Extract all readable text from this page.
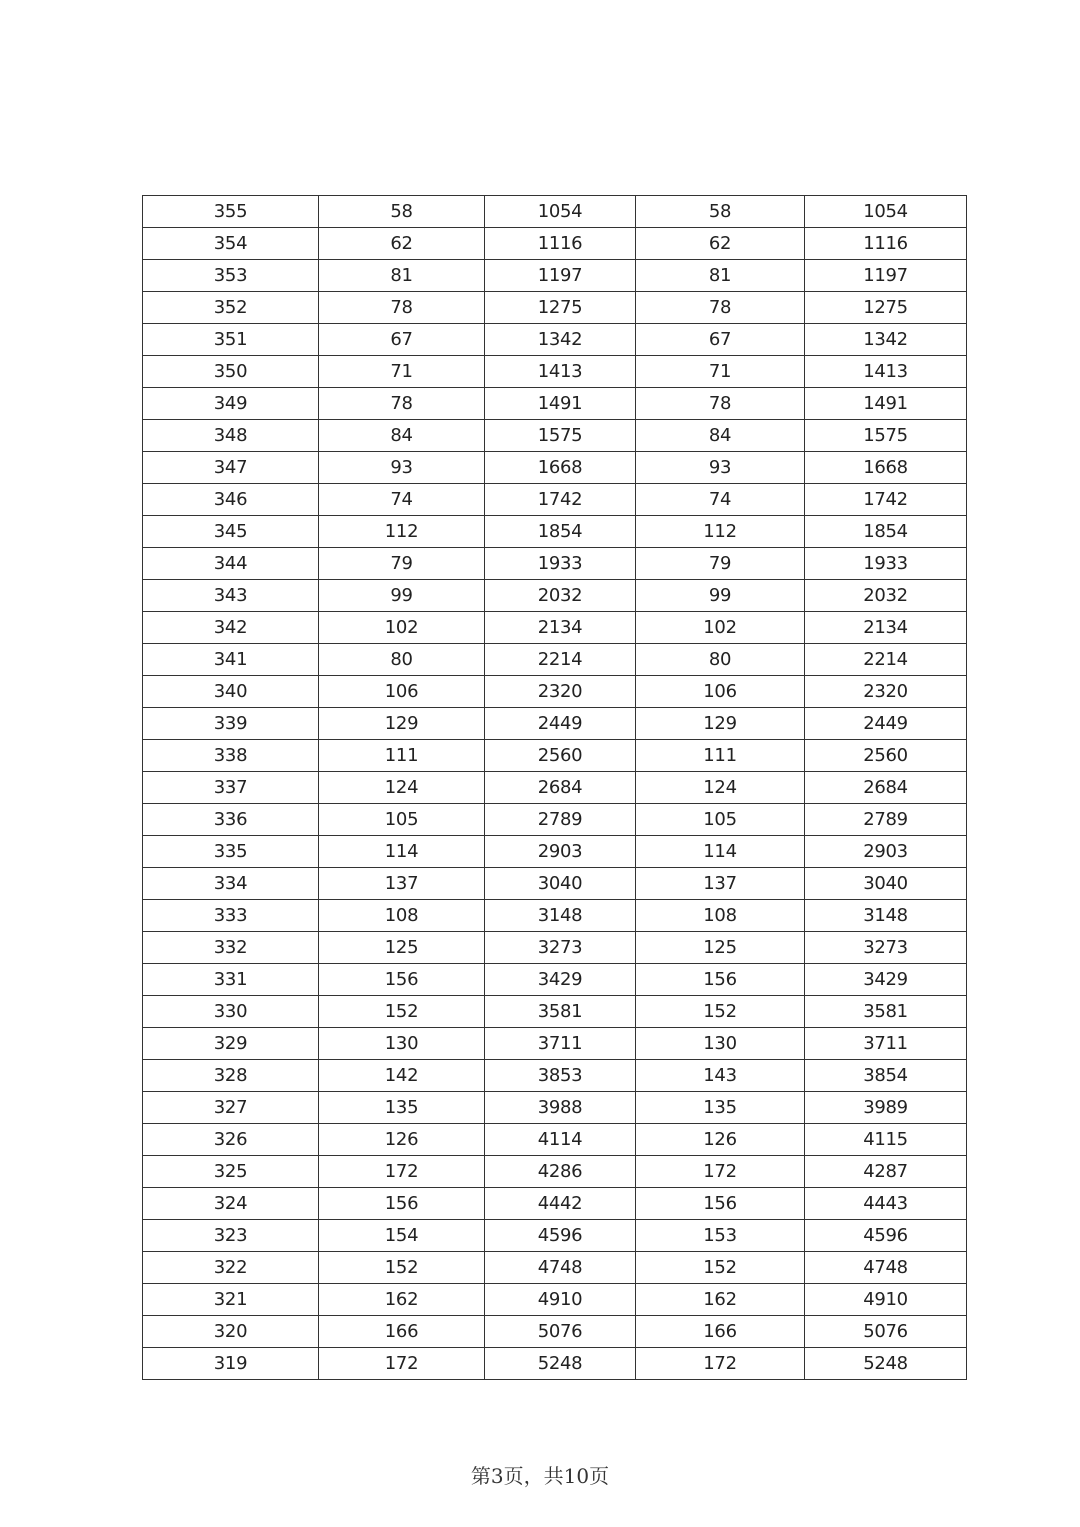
355	58	1054	58	1054
354	62	1116	62	1116
353	81	1197	81	1197
352	78	1275	78	1275
351	67	1342	67	1342
350	71	1413	71	1413
349	78	1491	78	1491
348	84	1575	84	1575
347	93	1668	93	1668
346	74	1742	74	1742
345	112	1854	112	1854
344	79	1933	79	1933
343	99	2032	99	2032
342	102	2134	102	2134
341	80	2214	80	2214
340	106	2320	106	2320
339	129	2449	129	2449
338	111	2560	111	2560
337	124	2684	124	2684
336	105	2789	105	2789
335	114	2903	114	2903
334	137	3040	137	3040
333	108	3148	108	3148
332	125	3273	125	3273
331	156	3429	156	3429
330	152	3581	152	3581
329	130	3711	130	3711
328	142	3853	143	3854
327	135	3988	135	3989
326	126	4114	126	4115
325	172	4286	172	4287
324	156	4442	156	4443
323	154	4596	153	4596
322	152	4748	152	4748
321	162	4910	162	4910
320	166	5076	166	5076
319	172	5248	172	5248
第3页，共10页
